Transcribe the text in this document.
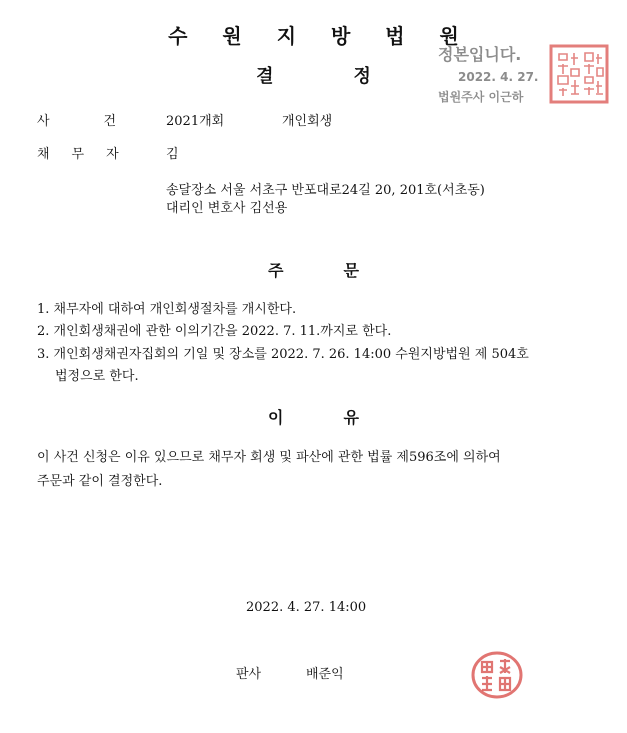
수 원 지 방 법 원
결정
정본입니다.
2022. 4. 27.
법원주사 이근하
사건
2021개회	개인회생
채무자 김
송달장소 서울 서초구 반포대로24길 20, 201호(서초동)
대리인 변호사 김선용
주문
1. 채무자에 대하여 개인회생절차를 개시한다.
2. 개인회생채권에 관한 이의기간을 2022. 7. 11.까지로 한다.
3. 개인회생채권자집회의 기일 및 장소를 2022. 7. 26. 14:00 수원지방법원 제 504호
법정으로 한다.
이유
이 사건 신청은 이유 있으므로 채무자 회생 및 파산에 관한 법률 제596조에 의하여
주문과 같이 결정한다.
2022. 4. 27. 14:00
판사	배준익
